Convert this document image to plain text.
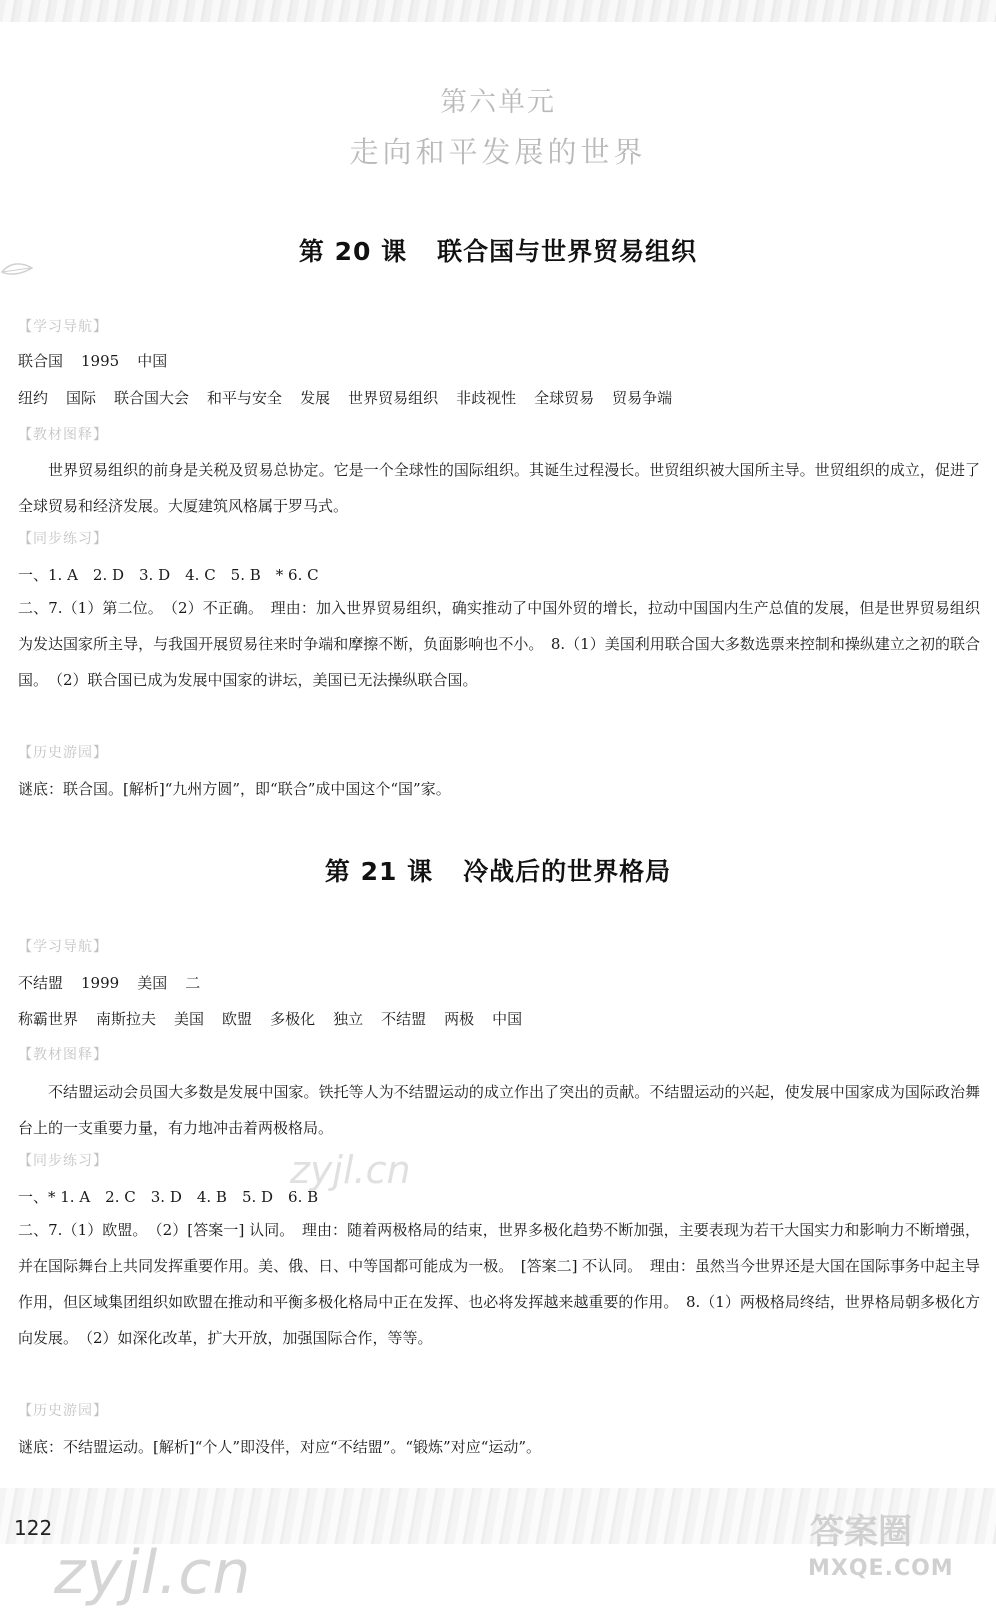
第六单元
走向和平发展的世界
第 20 课 联合国与世界贸易组织
【学习导航】
联合国 1995 中国
纽约 国际 联合国大会 和平与安全 发展 世界贸易组织 非歧视性 全球贸易 贸易争端
【教材图释】
世界贸易组织的前身是关税及贸易总协定。它是一个全球性的国际组织。其诞生过程漫长。世贸组织被大国所主导。世贸组织的成立，促进了全球贸易和经济发展。大厦建筑风格属于罗马式。
【同步练习】
一、1. A　2. D　3. D　4. C　5. B　* 6. C
二、7.（1）第二位。　（2）不正确。　理由：加入世界贸易组织，确实推动了中国外贸的增长，拉动中国国内生产总值的发展，但是世界贸易组织为发达国家所主导，与我国开展贸易往来时争端和摩擦不断，负面影响也不小。　8.（1）美国利用联合国大多数选票来控制和操纵建立之初的联合国。　（2）联合国已成为发展中国家的讲坛，美国已无法操纵联合国。
【历史游园】
谜底：联合国。[解析]“九州方圆”，即“联合”成中国这个“国”家。
第 21 课 冷战后的世界格局
【学习导航】
不结盟 1999 美国 二
称霸世界 南斯拉夫 美国 欧盟 多极化 独立 不结盟 两极 中国
【教材图释】
不结盟运动会员国大多数是发展中国家。铁托等人为不结盟运动的成立作出了突出的贡献。不结盟运动的兴起，使发展中国家成为国际政治舞台上的一支重要力量，有力地冲击着两极格局。
【同步练习】
一、* 1. A　2. C　3. D　4. B　5. D　6. B
二、7.（1）欧盟。　（2）[答案一] 认同。　理由：随着两极格局的结束，世界多极化趋势不断加强，主要表现为若干大国实力和影响力不断增强，并在国际舞台上共同发挥重要作用。美、俄、日、中等国都可能成为一极。　[答案二] 不认同。　理由：虽然当今世界还是大国在国际事务中起主导作用，但区域集团组织如欧盟在推动和平衡多极化格局中正在发挥、也必将发挥越来越重要的作用。　8.（1）两极格局终结，世界格局朝多极化方向发展。　（2）如深化改革，扩大开放，加强国际合作，等等。
【历史游园】
谜底：不结盟运动。[解析]“个人”即没伴，对应“不结盟”。“锻炼”对应“运动”。
122
zyjl.cn
zyjl.cn
答案圈
MXQE.COM
